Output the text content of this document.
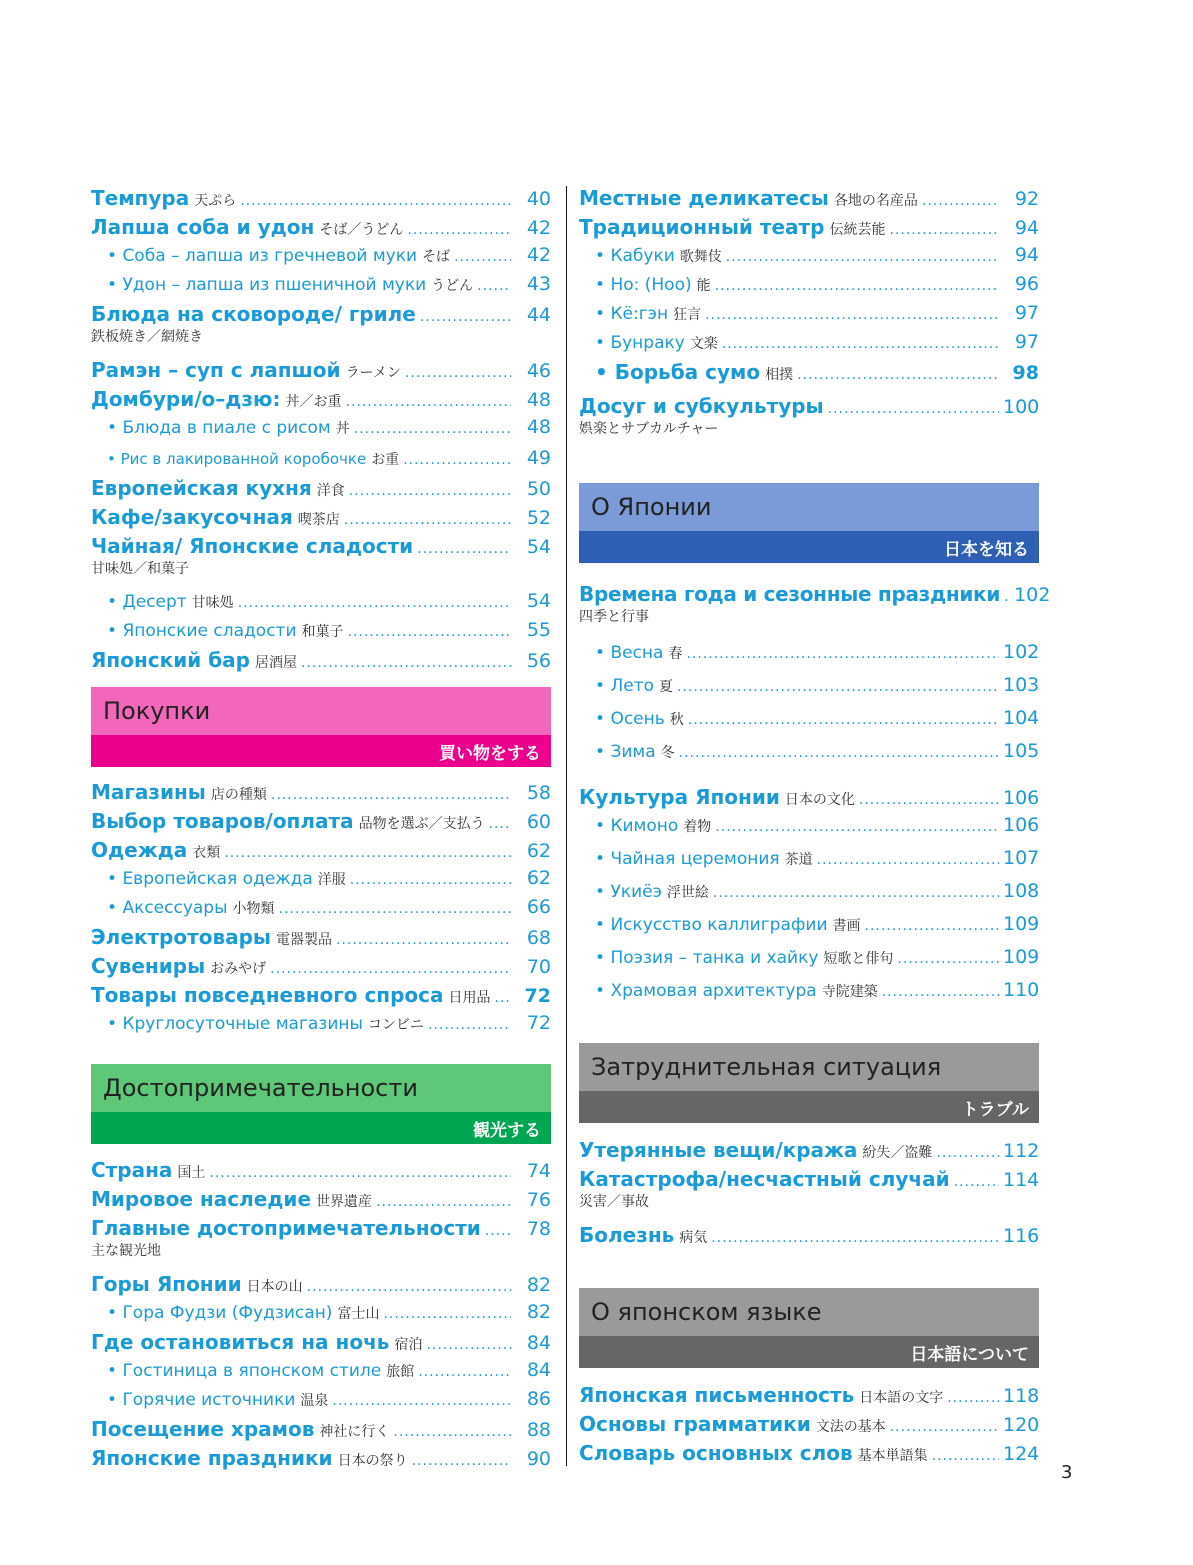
Темпура 天ぷら .....	40
Лапша соба и удон そば／うどん .....	42
• Соба – лапша из гречневой муки そば .....	42
• Удон – лапша из пшеничной муки うどん .....	43
Блюда на сковороде/ гриле .....	44
鉄板焼き／網焼き
Рамэн – суп с лапшой ラーメン .....	46
Домбури/о–дзю: 丼／お重 .....	48
• Блюда в пиале с рисом 丼 .....	48
• Рис в лакированной коробочке お重 .....	49
Европейская кухня 洋食 .....	50
Кафе/закусочная 喫茶店 .....	52
Чайная/ Японские сладости .....	54
甘味処／和菓子
• Десерт 甘味処 .....	54
• Японские сладости 和菓子 .....	55
Японский бар 居酒屋 .....	56
Покупки
買い物をする
Магазины 店の種類 .....	58
Выбор товаров/оплата 品物を選ぶ／支払う .....	60
Одежда 衣類 .....	62
• Европейская одежда 洋服 .....	62
• Аксессуары 小物類 .....	66
Электротовары 電器製品 .....	68
Сувениры おみやげ .....	70
Товары повседневного спроса 日用品 .....	72
• Круглосуточные магазины コンビニ .....	72
Достопримечательности
観光する
Страна 国土 .....	74
Мировое наследие 世界遺産 .....	76
Главные достопримечательности .....	78
主な観光地
Горы Японии 日本の山 .....	82
• Гора Фудзи (Фудзисан) 富士山 .....	82
Где остановиться на ночь 宿泊 .....	84
• Гостиница в японском стиле 旅館 .....	84
• Горячие источники 温泉 .....	86
Посещение храмов 神社に行く .....	88
Японские праздники 日本の祭り .....	90
Местные деликатесы 各地の名産品 .....	92
Традиционный театр 伝統芸能 .....	94
• Кабуки 歌舞伎 .....	94
• Но: (Ноо) 能 .....	96
• Кё:гэн 狂言 .....	97
• Бунраку 文楽 .....	97
• Борьба сумо 相撲 .....	98
Досуг и субкультуры .....	100
娯楽とサブカルチャー
О Японии
日本を知る
Времена года и сезонные праздники ..... 102
四季と行事
• Весна 春 .....	102
• Лето 夏 .....	103
• Осень 秋 .....	104
• Зима 冬 .....	105
Культура Японии 日本の文化 .....	106
• Кимоно 着物 .....	106
• Чайная церемония 茶道 .....	107
• Укиёэ 浮世絵 .....	108
• Искусство каллиграфии 書画 .....	109
• Поэзия – танка и хайку 短歌と俳句 .....	109
• Храмовая архитектура 寺院建築 .....	110
Затруднительная ситуация
トラブル
Утерянные вещи/кража 紛失／盗難 .....	112
Катастрофа/несчастный случай .....	114
災害／事故
Болезнь 病気 .....	116
О японском языке
日本語について
Японская письменность 日本語の文字 .....	118
Основы грамматики 文法の基本 .....	120
Словарь основных слов 基本単語集 .....	124
3
